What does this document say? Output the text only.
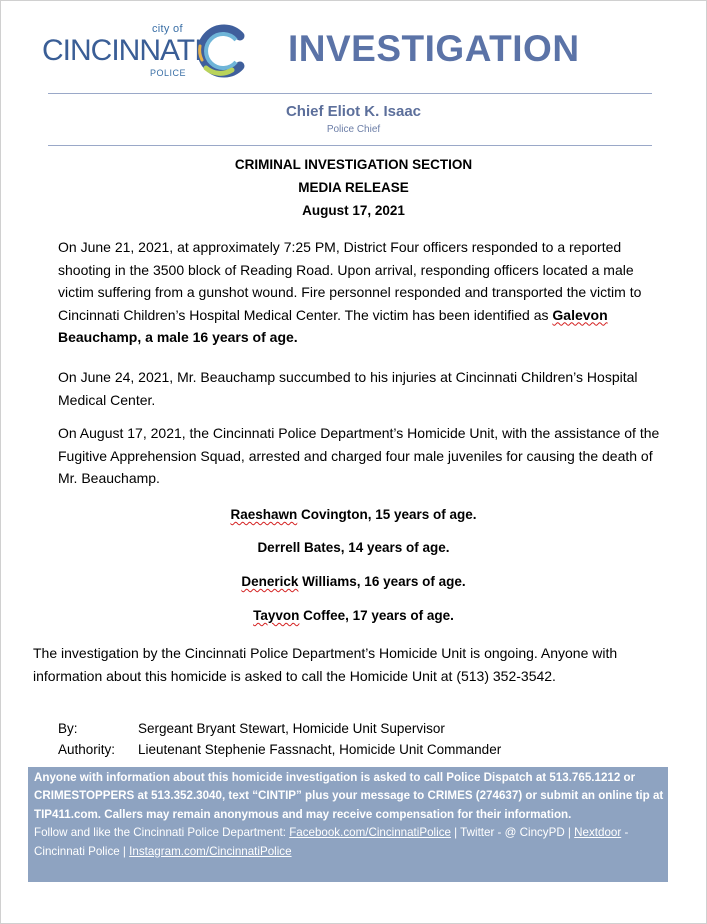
city of
CINCINNATI
POLICE
INVESTIGATION
Chief Eliot K. Isaac
Police Chief
CRIMINAL INVESTIGATION SECTION
MEDIA RELEASE
August 17, 2021

On June 21, 2021, at approximately 7:25 PM, District Four officers responded to a reported shooting in the 3500 block of Reading Road. Upon arrival, responding officers located a male victim suffering from a gunshot wound. Fire personnel responded and transported the victim to Cincinnati Children’s Hospital Medical Center. The victim has been identified as Galevon Beauchamp, a male 16 years of age.

On June 24, 2021, Mr. Beauchamp succumbed to his injuries at Cincinnati Children’s Hospital Medical Center.

On August 17, 2021, the Cincinnati Police Department’s Homicide Unit, with the assistance of the Fugitive Apprehension Squad, arrested and charged four male juveniles for causing the death of Mr. Beauchamp.

Raeshawn Covington, 15 years of age.
Derrell Bates, 14 years of age.
Denerick Williams, 16 years of age.
Tayvon Coffee, 17 years of age.

The investigation by the Cincinnati Police Department’s Homicide Unit is ongoing. Anyone with information about this homicide is asked to call the Homicide Unit at (513) 352-3542.

By:	Sergeant Bryant Stewart, Homicide Unit Supervisor
Authority: Lieutenant Stephenie Fassnacht, Homicide Unit Commander
Anyone with information about this homicide investigation is asked to call Police Dispatch at 513.765.1212 or CRIMESTOPPERS at 513.352.3040, text “CINTIP” plus your message to CRIMES (274637) or submit an online tip at TIP411.com. Callers may remain anonymous and may receive compensation for their information.
Follow and like the Cincinnati Police Department: Facebook.com/CincinnatiPolice | Twitter - @ CincyPD | Nextdoor - Cincinnati Police | Instagram.com/CincinnatiPolice
